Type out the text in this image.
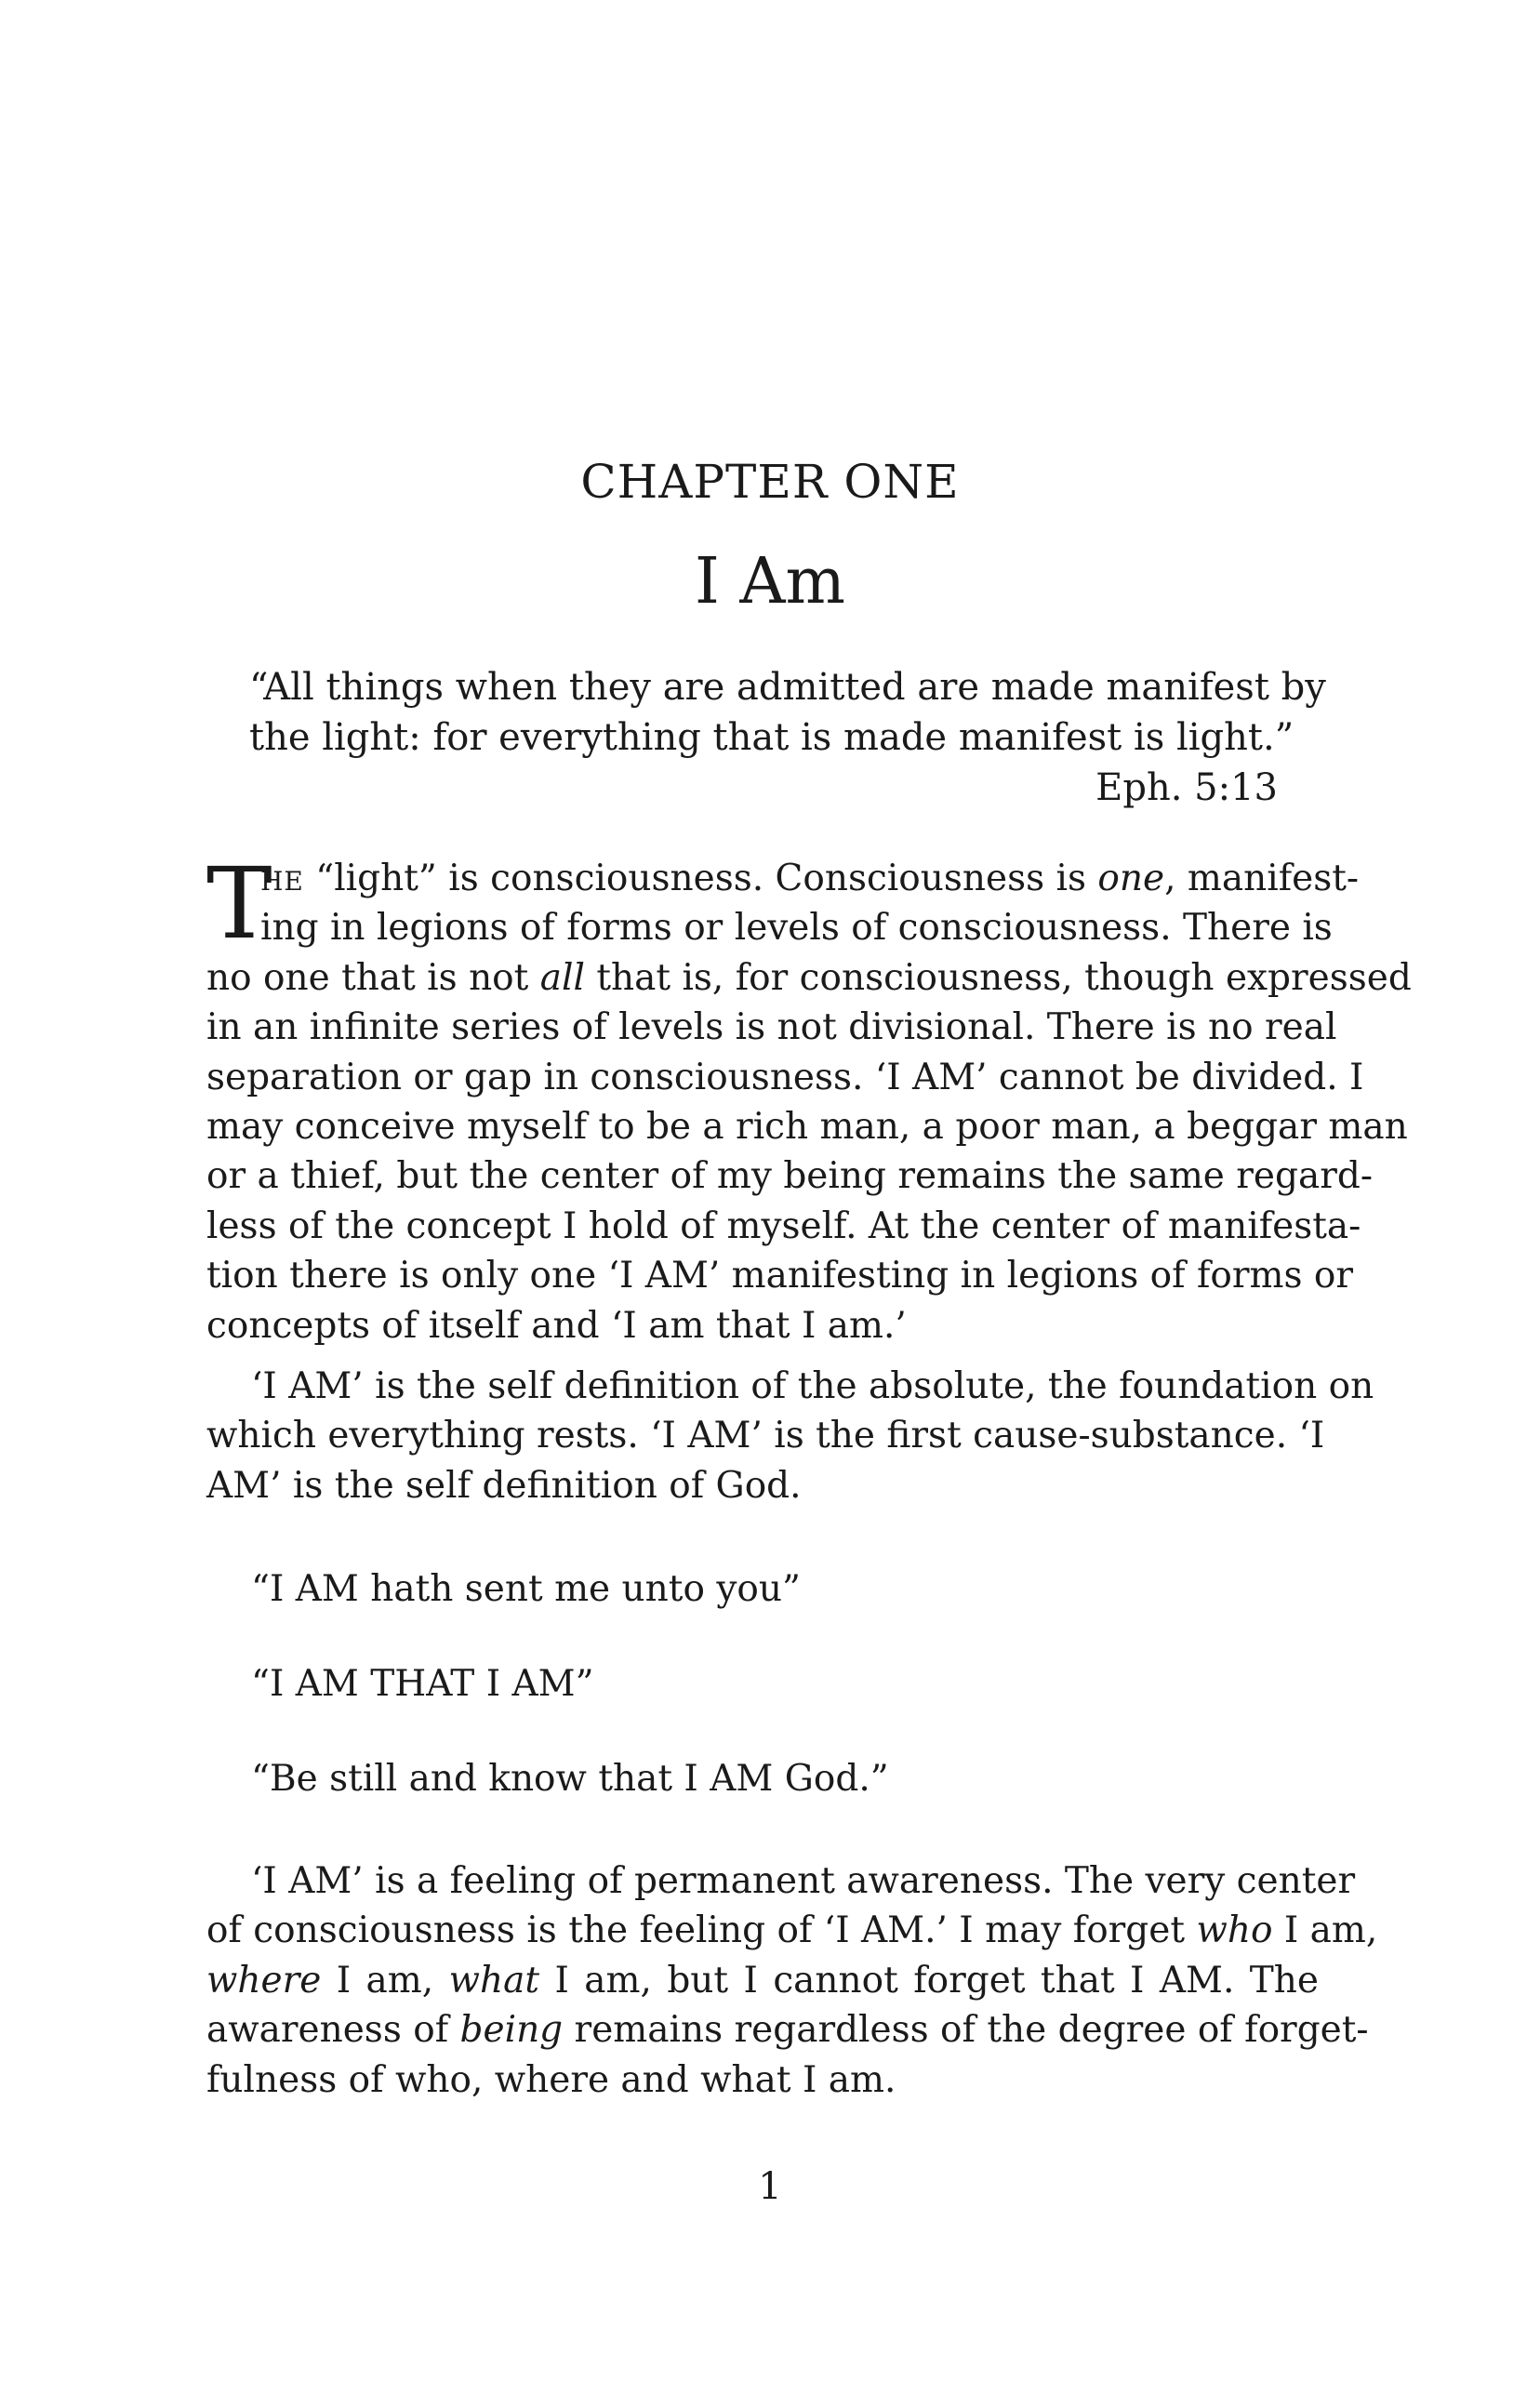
CHAPTER ONE
I Am
“All things when they are admitted are made manifest by
the light: for everything that is made manifest is light.”
Eph. 5:13
T
HE “light” is consciousness. Consciousness is one, manifest-
ing in legions of forms or levels of consciousness. There is
no one that is not all that is, for consciousness, though expressed
in an infinite series of levels is not divisional. There is no real
separation or gap in consciousness. ‘I AM’ cannot be divided. I
may conceive myself to be a rich man, a poor man, a beggar man
or a thief, but the center of my being remains the same regard-
less of the concept I hold of myself. At the center of manifesta-
tion there is only one ‘I AM’ manifesting in legions of forms or
concepts of itself and ‘I am that I am.’
‘I AM’ is the self definition of the absolute, the foundation on
which everything rests. ‘I AM’ is the first cause-substance. ‘I
AM’ is the self definition of God.
“I AM hath sent me unto you”
“I AM THAT I AM”
“Be still and know that I AM God.”
‘I AM’ is a feeling of permanent awareness. The very center
of consciousness is the feeling of ‘I AM.’ I may forget who I am,
where I am, what I am, but I cannot forget that I AM. The
awareness of being remains regardless of the degree of forget-
fulness of who, where and what I am.
1
